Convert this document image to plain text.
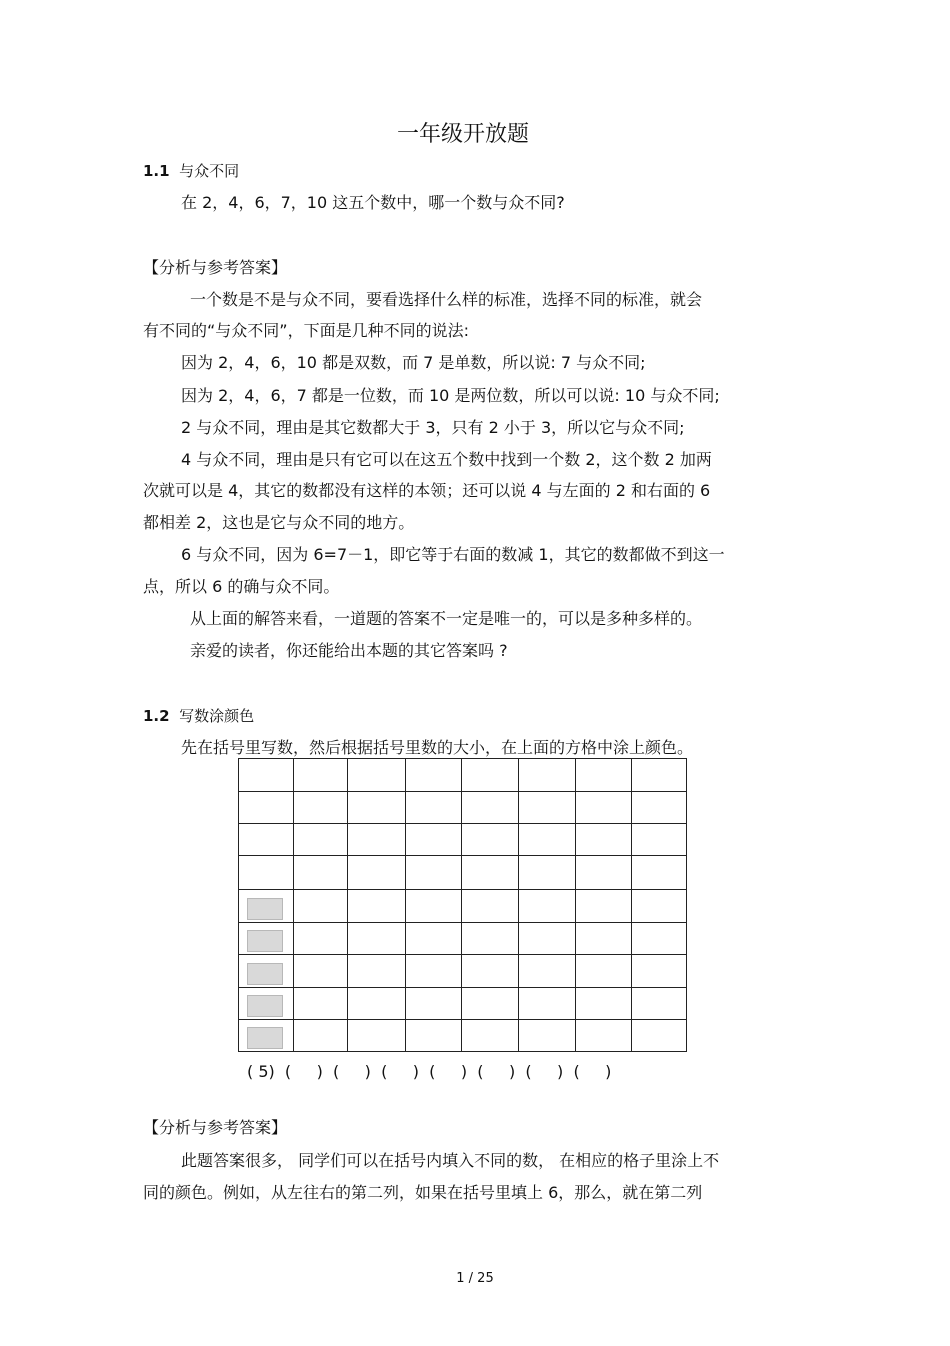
一年级开放题
1.1 与众不同
在 2，4，6，7，10 这五个数中，哪一个数与众不同?
【分析与参考答案】
一个数是不是与众不同，要看选择什么样的标准，选择不同的标准，就会
有不同的“与众不同”，下面是几种不同的说法:
因为 2，4，6，10 都是双数，而 7 是单数，所以说: 7 与众不同;
因为 2，4，6，7 都是一位数，而 10 是两位数，所以可以说: 10 与众不同;
2 与众不同，理由是其它数都大于 3，只有 2 小于 3，所以它与众不同;
4 与众不同，理由是只有它可以在这五个数中找到一个数 2，这个数 2 加两
次就可以是 4，其它的数都没有这样的本领；还可以说 4 与左面的 2 和右面的 6
都相差 2，这也是它与众不同的地方。
6 与众不同，因为 6=7－1，即它等于右面的数减 1，其它的数都做不到这一
点，所以 6 的确与众不同。
从上面的解答来看，一道题的答案不一定是唯一的，可以是多种多样的。
亲爱的读者，你还能给出本题的其它答案吗 ?
1.2 写数涂颜色
先在括号里写数，然后根据括号里数的大小，在上面的方格中涂上颜色。
( 5)  (     )  (     )  (     )  (     )  (     )  (     )  (     )
【分析与参考答案】
此题答案很多， 同学们可以在括号内填入不同的数， 在相应的格子里涂上不
同的颜色。例如，从左往右的第二列，如果在括号里填上 6，那么，就在第二列
1 / 25
